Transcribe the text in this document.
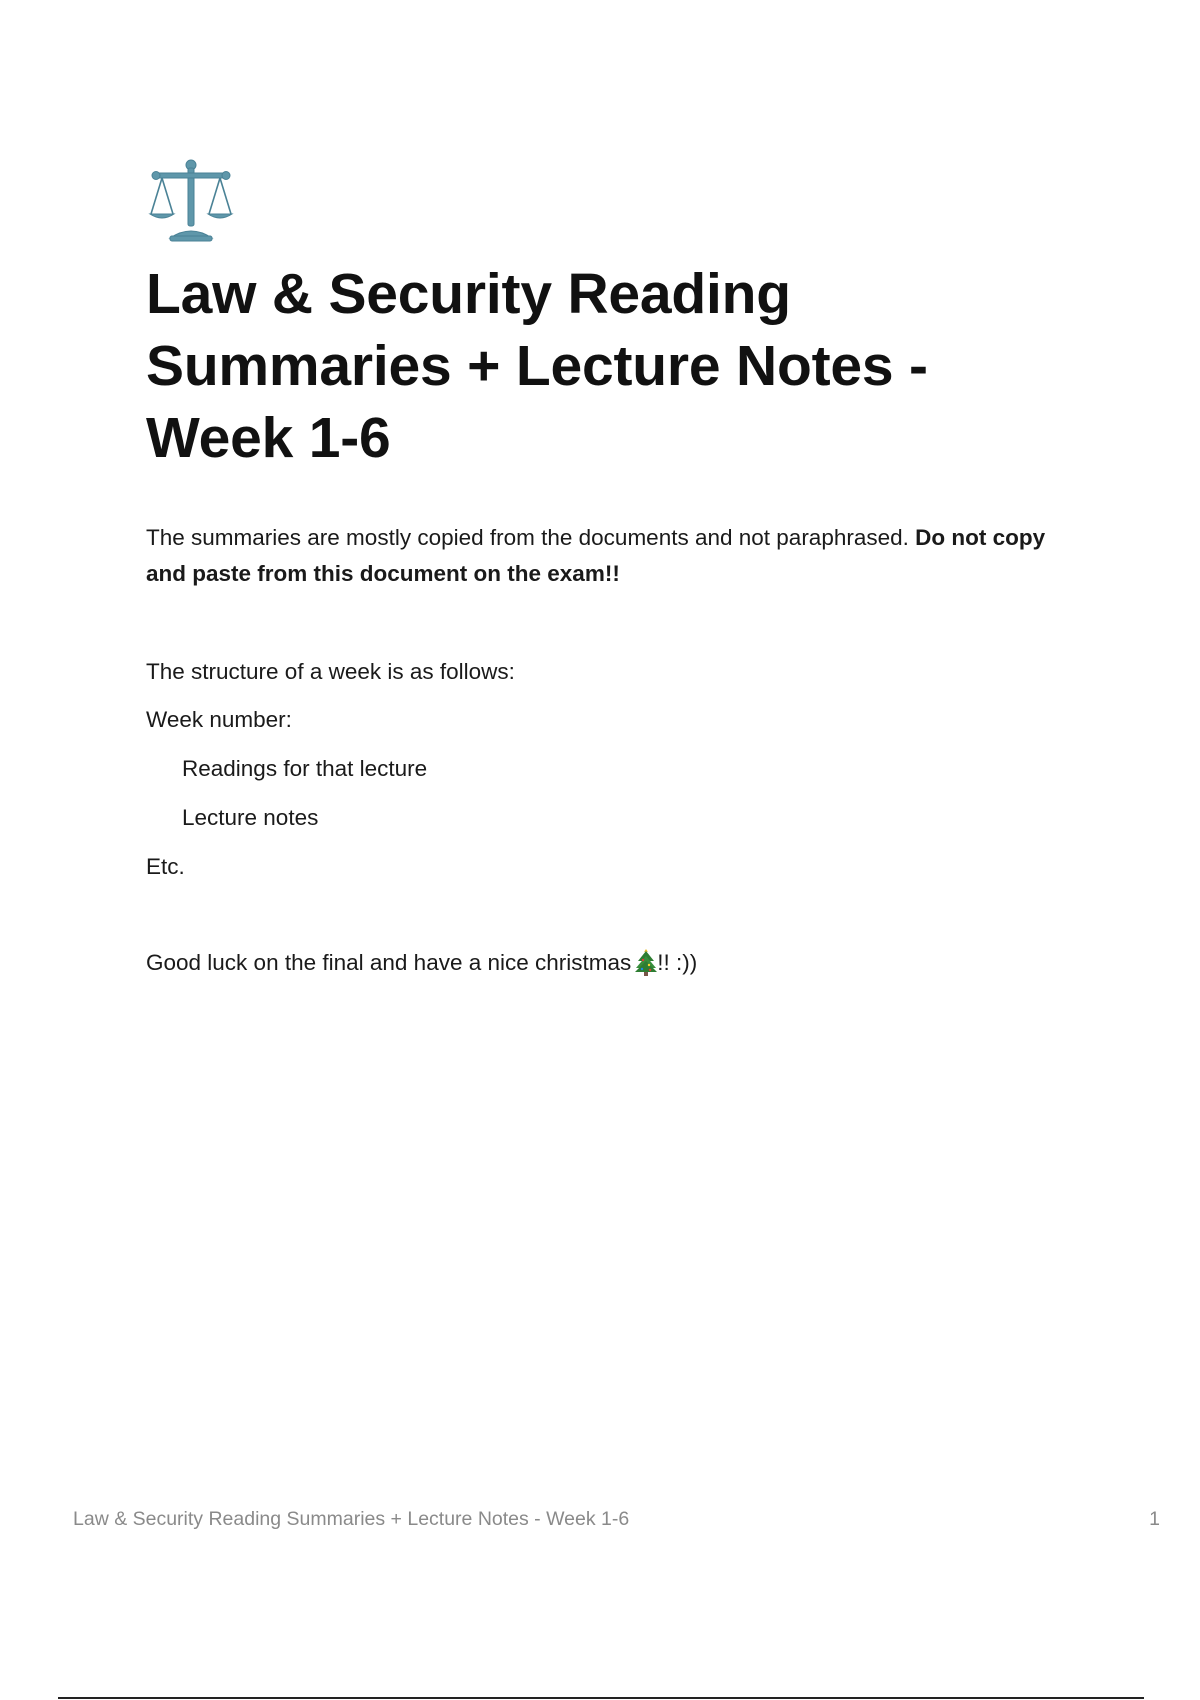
Law & Security Reading Summaries + Lecture Notes - Week 1-6

The summaries are mostly copied from the documents and not paraphrased. Do not copy and paste from this document on the exam!!

The structure of a week is as follows:

Week number:

Readings for that lecture

Lecture notes

Etc.

Good luck on the final and have a nice christmas !! :))

Law & Security Reading Summaries + Lecture Notes - Week 1-6	1
